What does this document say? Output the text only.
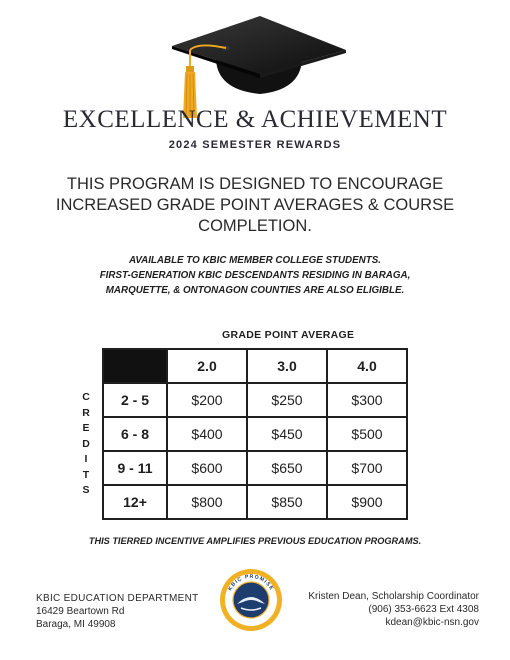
EXCELLENCE & ACHIEVEMENT
2024 SEMESTER REWARDS
THIS PROGRAM IS DESIGNED TO ENCOURAGE INCREASED GRADE POINT AVERAGES & COURSE COMPLETION.
AVAILABLE TO KBIC MEMBER COLLEGE STUDENTS.
FIRST-GENERATION KBIC DESCENDANTS RESIDING IN BARAGA,
MARQUETTE, & ONTONAGON COUNTIES ARE ALSO ELIGIBLE.
GRADE POINT AVERAGE
C
R
E
D
I
T
S
	2.0	3.0	4.0
2 - 5	$200	$250	$300
6 - 8	$400	$450	$500
9 - 11	$600	$650	$700
12+	$800	$850	$900
THIS TIERRED INCENTIVE AMPLIFIES PREVIOUS EDUCATION PROGRAMS.
KBIC EDUCATION DEPARTMENT
16429 Beartown Rd
Baraga, MI 49908
KBIC PROMISE
Kristen Dean, Scholarship Coordinator
(906) 353-6623 Ext 4308
kdean@kbic-nsn.gov
